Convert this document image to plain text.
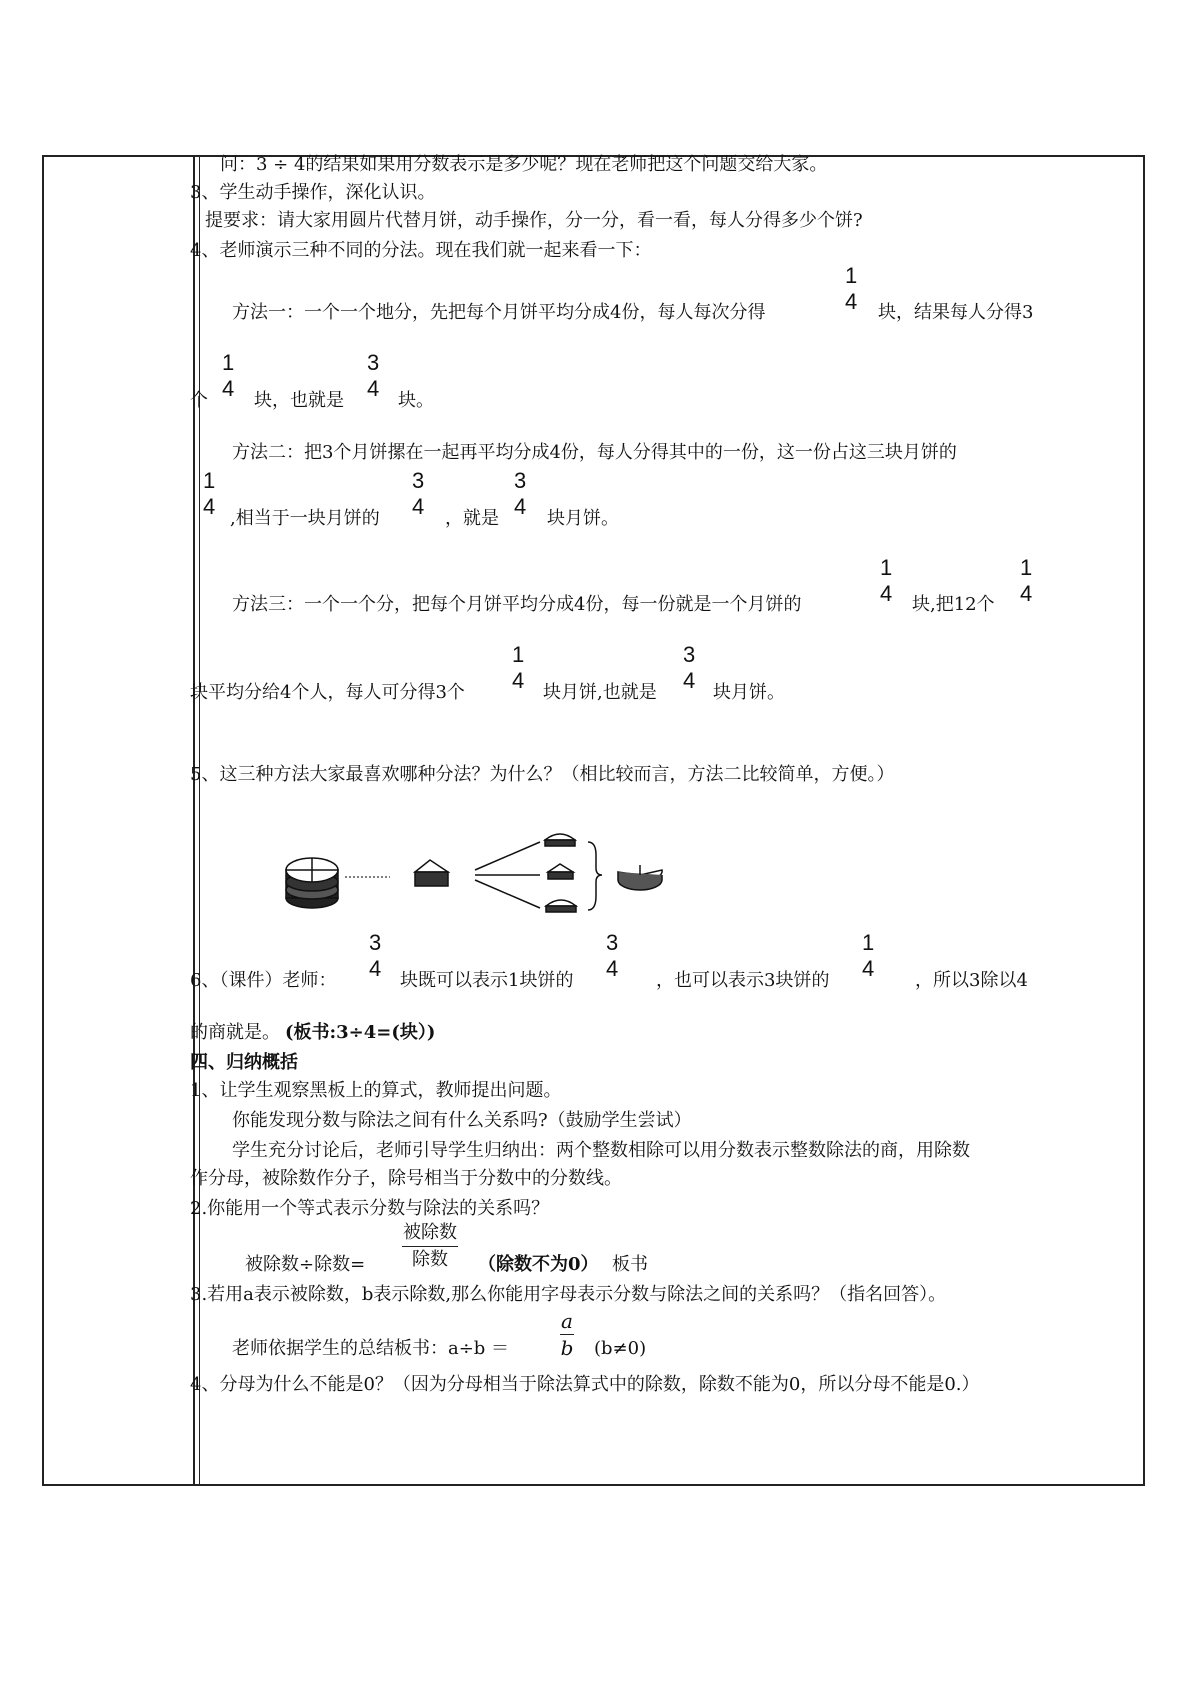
问：3 ÷ 4的结果如果用分数表示是多少呢？现在老师把这个问题交给大家。
3、学生动手操作，深化认识。
提要求：请大家用圆片代替月饼，动手操作，分一分，看一看，每人分得多少个饼?
4、老师演示三种不同的分法。现在我们就一起来看一下：
方法一：一个一个地分，先把每个月饼平均分成4份，每人每次分得
1
4 块，结果每人分得3
个
1
4 块，也就是
3
4 块。
方法二：把3个月饼摞在一起再平均分成4份，每人分得其中的一份，这一份占这三块月饼的
1
4 ,相当于一块月饼的
3
4 ，就是
3
4 块月饼。
方法三：一个一个分，把每个月饼平均分成4份，每一份就是一个月饼的
1
4 块,把12个
1
4
块平均分给4个人，每人可分得3个
1
4 块月饼,也就是
3
4 块月饼。
5、这三种方法大家最喜欢哪种分法？为什么？（相比较而言，方法二比较简单，方便。）
6、（课件）老师：
3
4 块既可以表示1块饼的
3
4 ，也可以表示3块饼的
1
4 ，所以3除以4
的商就是。 (板书:3÷4=(块）)
四、归纳概括
1、让学生观察黑板上的算式，教师提出问题。
你能发现分数与除法之间有什么关系吗?（鼓励学生尝试）
学生充分讨论后，老师引导学生归纳出：两个整数相除可以用分数表示整数除法的商，用除数
作分母，被除数作分子，除号相当于分数中的分数线。
2.你能用一个等式表示分数与除法的关系吗？
被除数÷除数=
被除数
除数 （除数不为0） 板书
3.若用a表示被除数，b表示除数,那么你能用字母表示分数与除法之间的关系吗？（指名回答）。
老师依据学生的总结板书：a÷b ＝
a
b (b≠0)
4、分母为什么不能是0？（因为分母相当于除法算式中的除数，除数不能为0，所以分母不能是0.）
